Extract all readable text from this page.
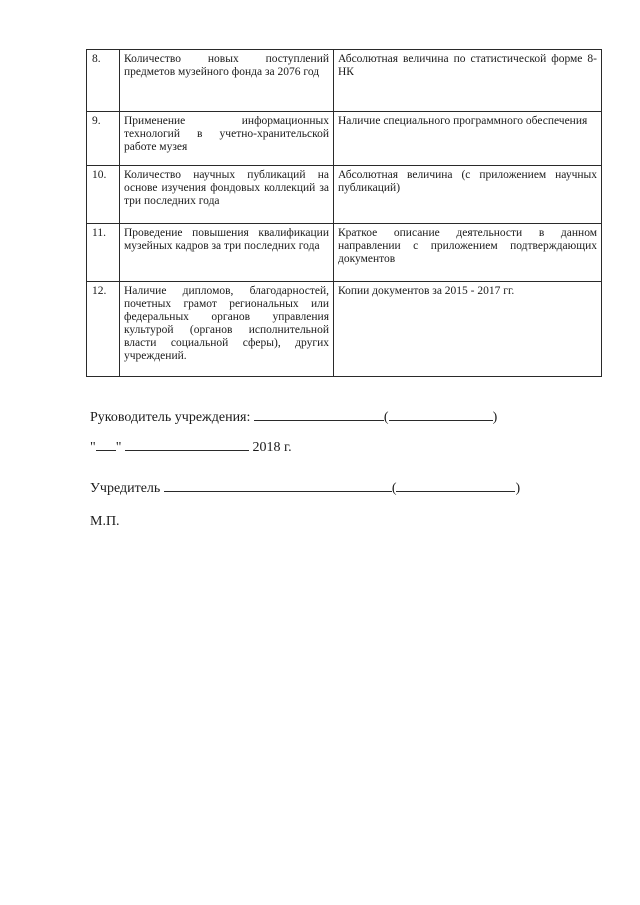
8.	Количество новых поступлений предметов музейного фонда за 2076 год	Абсолютная величина по статистической форме 8-НК
9.	Применение информационных технологий в учетно-хранительской работе музея	Наличие специального программного обеспечения
10.	Количество научных публикаций на основе изучения фондовых коллекций за три последних года	Абсолютная величина (с приложением научных публикаций)
11.	Проведение повышения квалификации музейных кадров за три последних года	Краткое описание деятельности в данном направлении с приложением подтверждающих документов
12.	Наличие дипломов, благодарностей, почетных грамот региональных или федеральных органов управления культурой (органов исполнительной власти социальной сферы), других учреждений.	Копии документов за 2015 - 2017 гг.
Руководитель учреждения:	(	)
" "	2018 г.
Учредитель	(	)
М.П.
